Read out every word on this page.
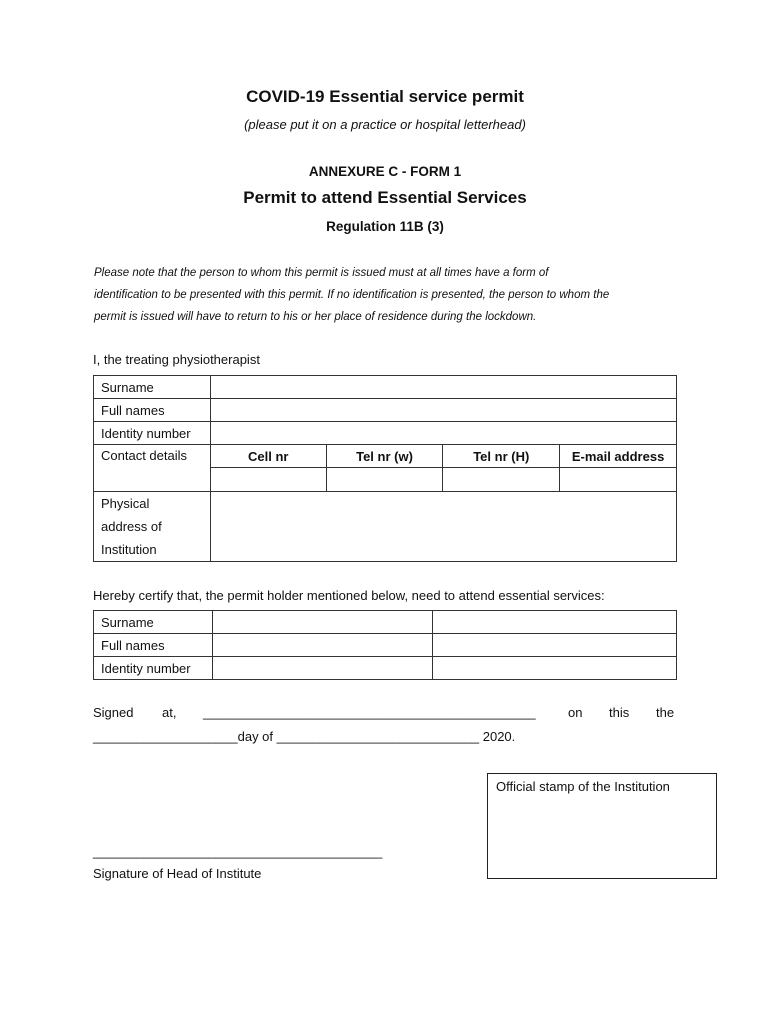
COVID-19 Essential service permit
(please put it on a practice or hospital letterhead)
ANNEXURE C - FORM 1
Permit to attend Essential Services
Regulation 11B (3)
Please note that the person to whom this permit is issued must at all times have a form of
identification to be presented with this permit. If no identification is presented, the person to whom the
permit is issued will have to return to his or her place of residence during the lockdown.
I, the treating physiotherapist
Surname				
Full names				
Identity number				
Contact details	Cell nr	Tel nr (w)	Tel nr (H)	E-mail address

Physical
address of
Institution				

Hereby certify that, the permit holder mentioned below, need to attend essential services:
Surname		
Full names		
Identity number		
Signed at, ______________________________________________ on this the
____________________day of ____________________________ 2020.
Official stamp of the Institution
________________________________________
Signature of Head of Institute
